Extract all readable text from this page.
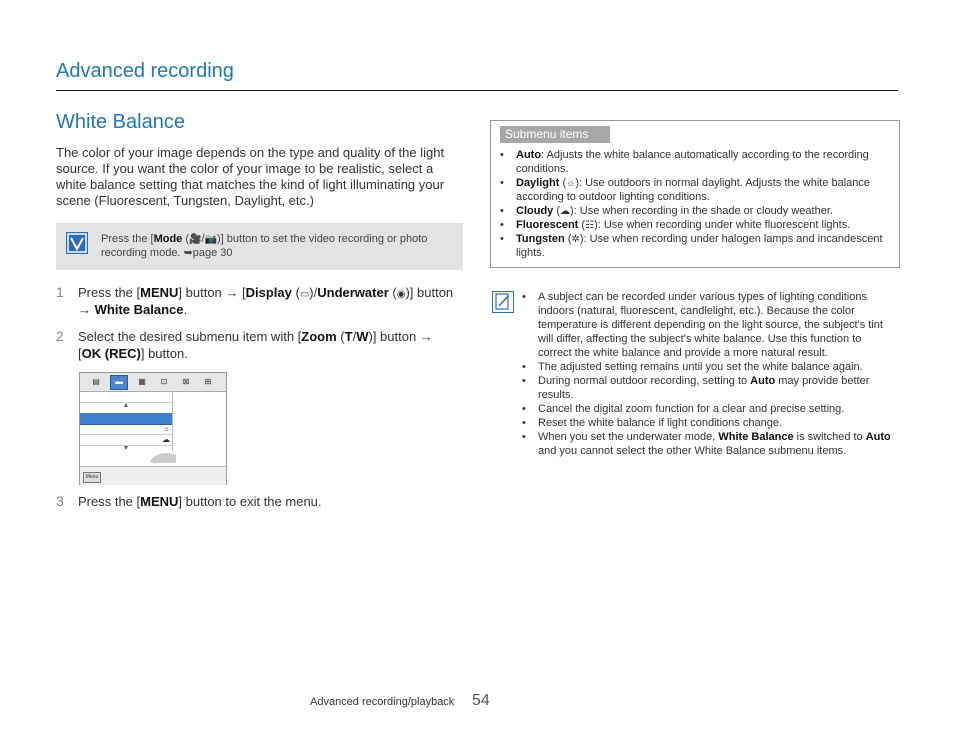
Advanced recording
White Balance
The color of your image depends on the type and quality of the light source. If you want the color of your image to be realistic, select a white balance setting that matches the kind of light illuminating your scene (Fluorescent, Tungsten, Daylight, etc.)
Press the [Mode (🎥/📷)] button to set the video recording or photo recording mode. ➥page 30
1 Press the [MENU] button → [Display (▭)/Underwater (◉)] button → White Balance.
2 Select the desired submenu item with [Zoom (T/W)] button → [OK (REC)] button.
▤	▬	▦	⊡	⊠	⊞
▲
☼
☁
▼
Menu
3 Press the [MENU] button to exit the menu.
Submenu items
• Auto: Adjusts the white balance automatically according to the recording conditions.
• Daylight (☼): Use outdoors in normal daylight. Adjusts the white balance according to outdoor lighting conditions.
• Cloudy (☁): Use when recording in the shade or cloudy weather.
• Fluorescent (☷): Use when recording under white fluorescent lights.
• Tungsten (✲): Use when recording under halogen lamps and incandescent lights.
• A subject can be recorded under various types of lighting conditions indoors (natural, fluorescent, candlelight, etc.). Because the color temperature is different depending on the light source, the subject's tint will differ, affecting the subject's white balance. Use this function to correct the white balance and provide a more natural result.
• The adjusted setting remains until you set the white balance again.
• During normal outdoor recording, setting to Auto may provide better results.
• Cancel the digital zoom function for a clear and precise setting.
• Reset the white balance if light conditions change.
• When you set the underwater mode, White Balance is switched to Auto and you cannot select the other White Balance submenu items.
Advanced recording/playback 54
